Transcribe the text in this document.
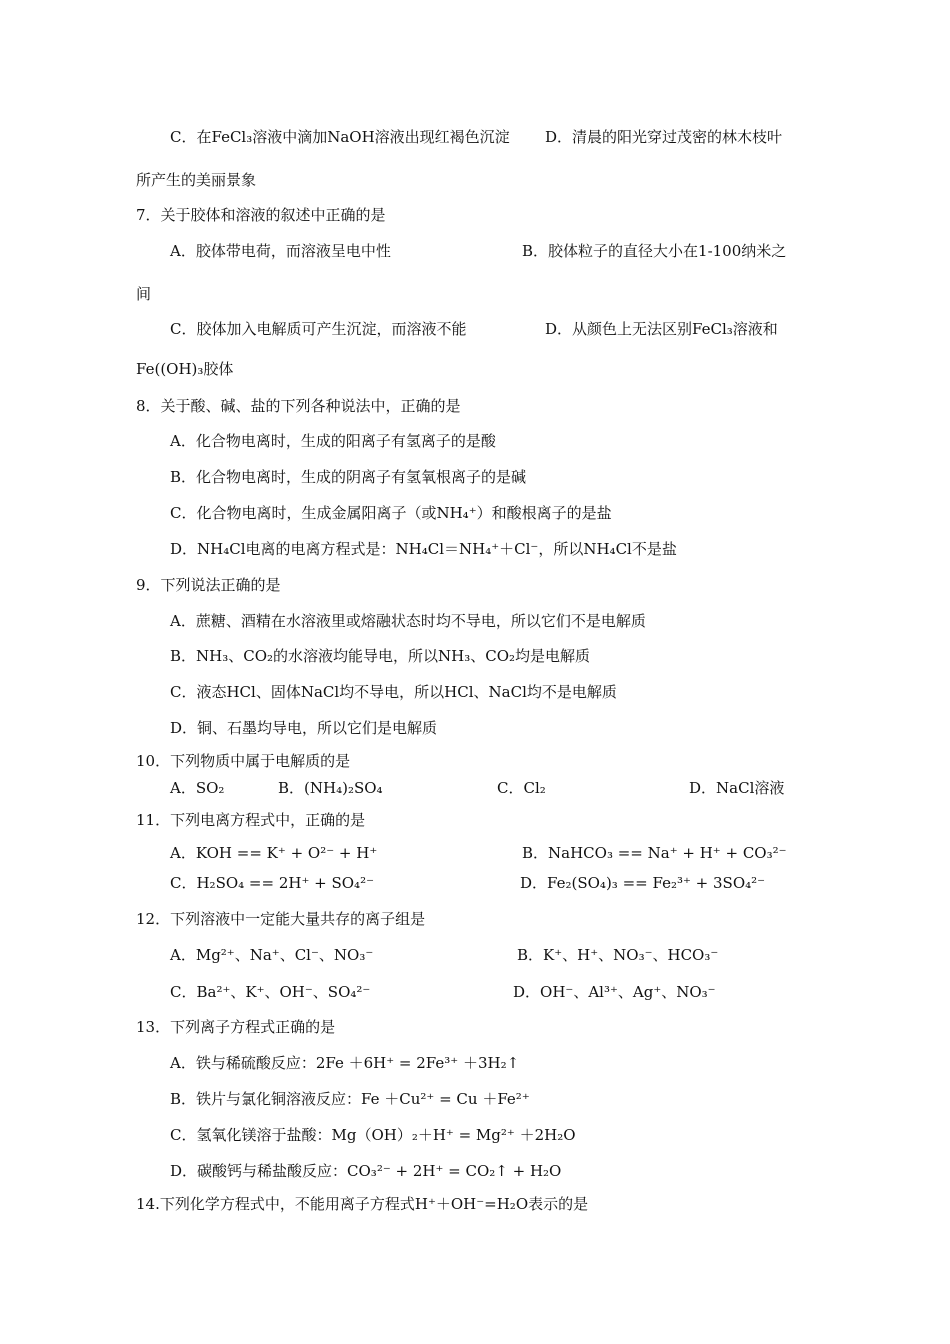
C．在FeCl₃溶液中滴加NaOH溶液出现红褐色沉淀 D．清晨的阳光穿过茂密的林木枝叶
所产生的美丽景象
7．关于胶体和溶液的叙述中正确的是
A．胶体带电荷，而溶液呈电中性	B．胶体粒子的直径大小在1-100纳米之
间
C．胶体加入电解质可产生沉淀，而溶液不能	D．从颜色上无法区别FeCl₃溶液和
Fe((OH)₃胶体
8．关于酸、碱、盐的下列各种说法中，正确的是
A．化合物电离时，生成的阳离子有氢离子的是酸
B．化合物电离时，生成的阴离子有氢氧根离子的是碱
C．化合物电离时，生成金属阳离子（或NH₄⁺）和酸根离子的是盐
D．NH₄Cl电离的电离方程式是：NH₄Cl＝NH₄⁺＋Cl⁻，所以NH₄Cl不是盐
9．下列说法正确的是
A．蔗糖、酒精在水溶液里或熔融状态时均不导电，所以它们不是电解质
B．NH₃、CO₂的水溶液均能导电，所以NH₃、CO₂均是电解质
C．液态HCl、固体NaCl均不导电，所以HCl、NaCl均不是电解质
D．铜、石墨均导电，所以它们是电解质
10．下列物质中属于电解质的是
A．SO₂	B．(NH₄)₂SO₄	C．Cl₂	D．NaCl溶液
11．下列电离方程式中，正确的是
A．KOH == K⁺ + O²⁻ + H⁺	B．NaHCO₃ == Na⁺ + H⁺ + CO₃²⁻
C．H₂SO₄ == 2H⁺ + SO₄²⁻	D．Fe₂(SO₄)₃ == Fe₂³⁺ + 3SO₄²⁻
12．下列溶液中一定能大量共存的离子组是
A．Mg²⁺、Na⁺、Cl⁻、NO₃⁻	B．K⁺、H⁺、NO₃⁻、HCO₃⁻
C．Ba²⁺、K⁺、OH⁻、SO₄²⁻	D．OH⁻、Al³⁺、Ag⁺、NO₃⁻
13．下列离子方程式正确的是
A．铁与稀硫酸反应：2Fe ＋6H⁺ = 2Fe³⁺ ＋3H₂↑
B．铁片与氯化铜溶液反应：Fe ＋Cu²⁺ = Cu ＋Fe²⁺
C．氢氧化镁溶于盐酸：Mg（OH）₂＋H⁺ = Mg²⁺ ＋2H₂O
D．碳酸钙与稀盐酸反应：CO₃²⁻ + 2H⁺ = CO₂↑ + H₂O
14.下列化学方程式中，不能用离子方程式H⁺＋OH⁻=H₂O表示的是
